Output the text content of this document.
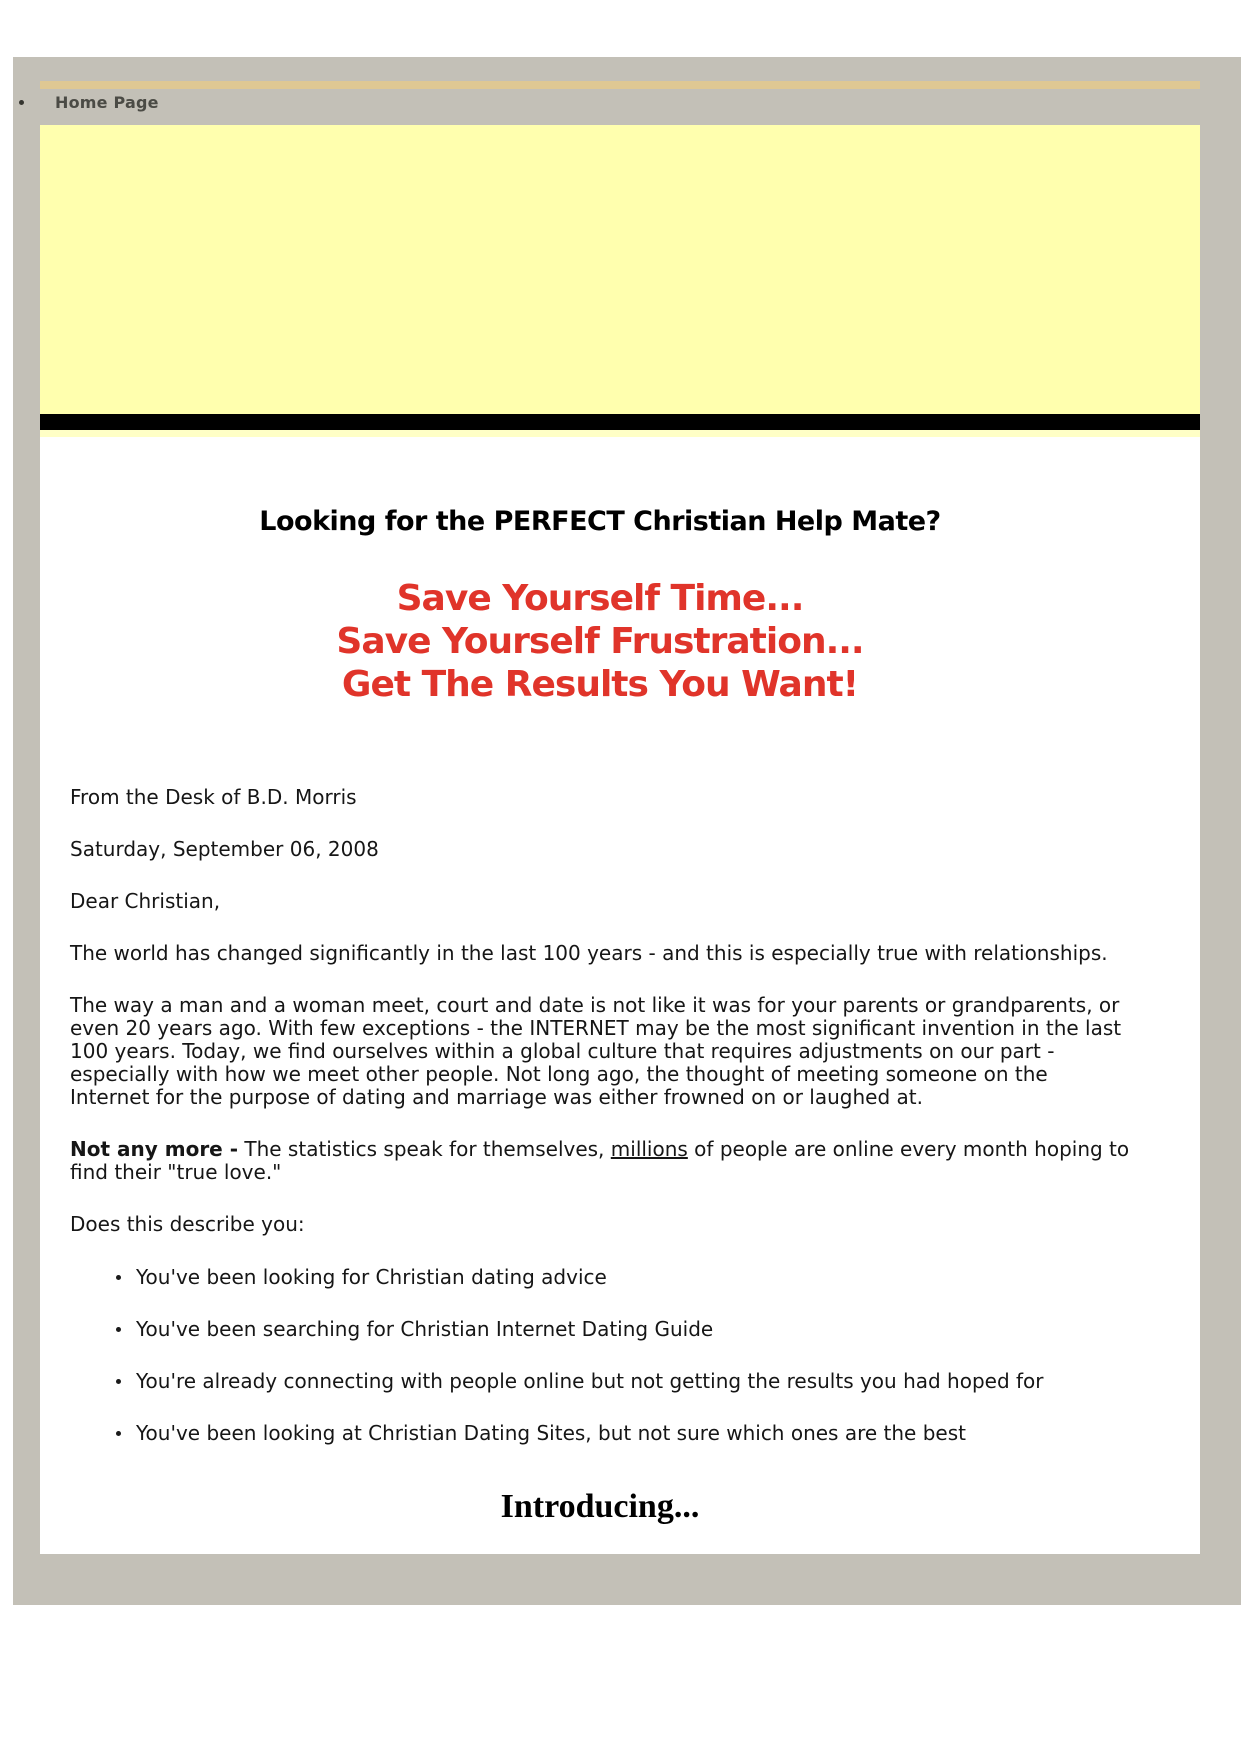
Home Page
Looking for the PERFECT Christian Help Mate?
Save Yourself Time...
Save Yourself Frustration...
Get The Results You Want!

From the Desk of B.D. Morris

Saturday, September 06, 2008

Dear Christian,

The world has changed significantly in the last 100 years - and this is especially true with relationships.

The way a man and a woman meet, court and date is not like it was for your parents or grandparents, or even 20 years ago. With few exceptions - the INTERNET may be the most significant invention in the last 100 years. Today, we find ourselves within a global culture that requires adjustments on our part - especially with how we meet other people. Not long ago, the thought of meeting someone on the Internet for the purpose of dating and marriage was either frowned on or laughed at.

Not any more - The statistics speak for themselves, millions of people are online every month hoping to find their "true love."

Does this describe you:

You've been looking for Christian dating advice
You've been searching for Christian Internet Dating Guide
You're already connecting with people online but not getting the results you had hoped for
You've been looking at Christian Dating Sites, but not sure which ones are the best
Introducing...
